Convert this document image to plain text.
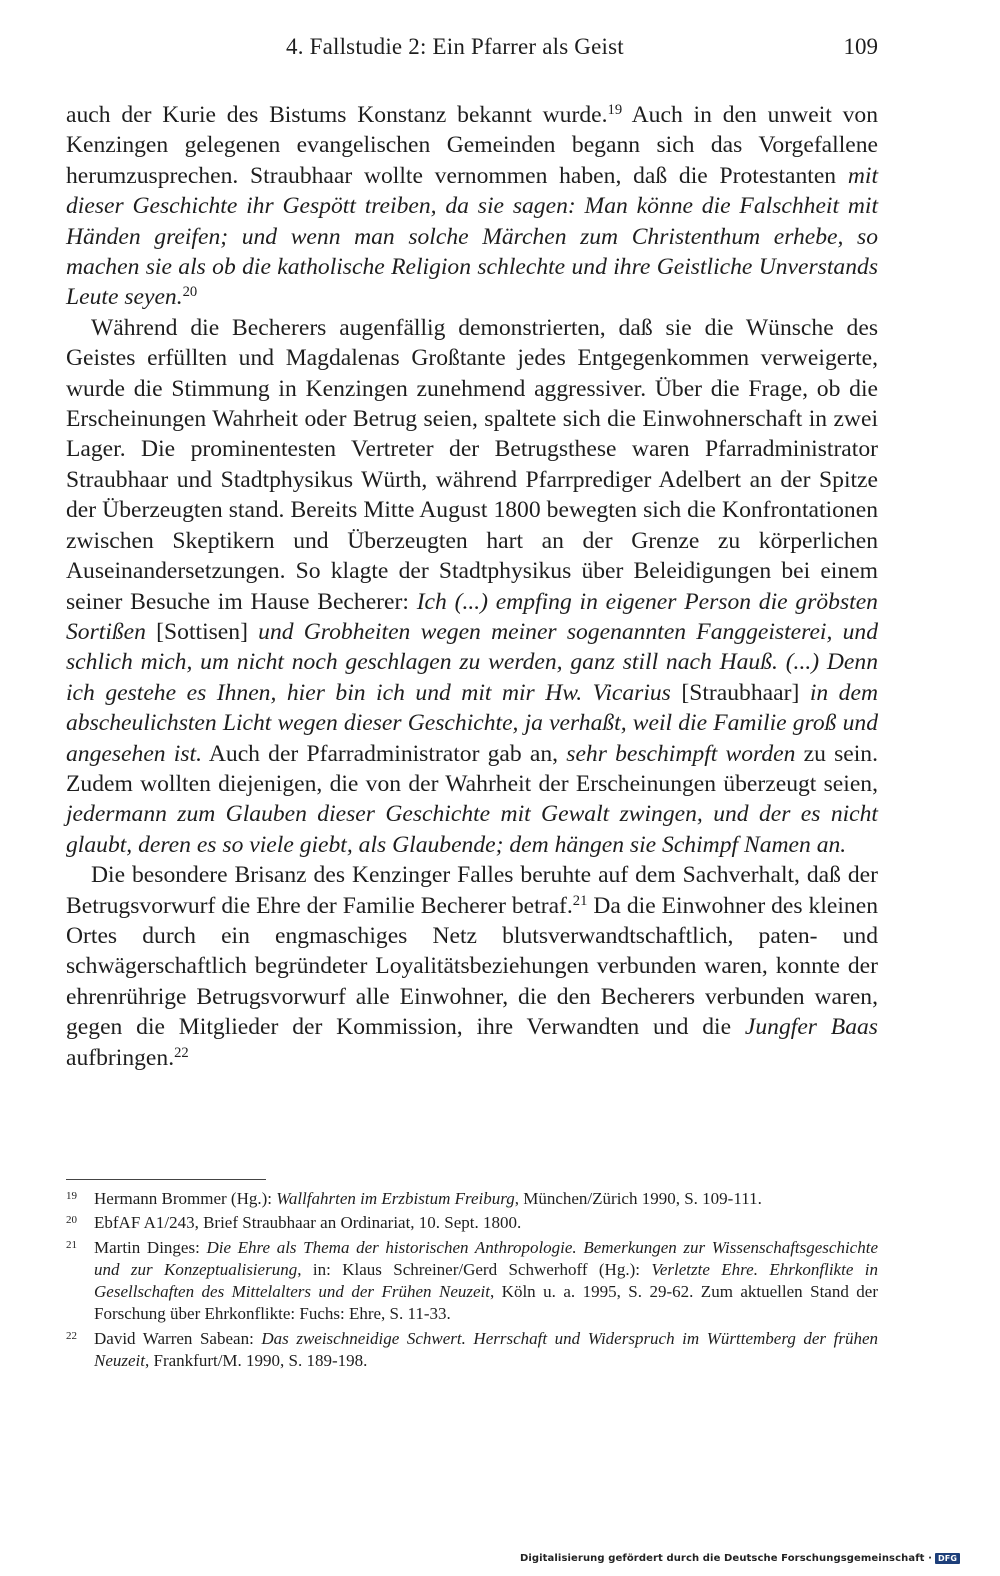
4. Fallstudie 2: Ein Pfarrer als Geist	109

auch der Kurie des Bistums Konstanz bekannt wurde.$^{19}$ Auch in den unweit von Kenzingen gelegenen evangelischen Gemeinden begann sich das Vorgefallene herumzusprechen. Straubhaar wollte vernommen haben, daß die Protestanten mit dieser Geschichte ihr Gespött treiben, da sie sagen: Man könne die Falschheit mit Händen greifen; und wenn man solche Märchen zum Christenthum erhebe, so machen sie als ob die katholische Religion schlechte und ihre Geistliche Unverstands Leute seyen.$^{20}$

Während die Becherers augenfällig demonstrierten, daß sie die Wünsche des Geistes erfüllten und Magdalenas Großtante jedes Entgegenkommen verweigerte, wurde die Stimmung in Kenzingen zunehmend aggressiver. Über die Frage, ob die Erscheinungen Wahrheit oder Betrug seien, spaltete sich die Einwohnerschaft in zwei Lager. Die prominentesten Vertreter der Betrugsthese waren Pfarradministrator Straubhaar und Stadtphysikus Würth, während Pfarrprediger Adelbert an der Spitze der Überzeugten stand. Bereits Mitte August 1800 bewegten sich die Konfrontationen zwischen Skeptikern und Überzeugten hart an der Grenze zu körperlichen Auseinandersetzungen. So klagte der Stadtphysikus über Beleidigungen bei einem seiner Besuche im Hause Becherer: Ich (...) empfing in eigener Person die gröbsten Sortißen [Sottisen] und Grobheiten wegen meiner sogenannten Fanggeisterei, und schlich mich, um nicht noch geschlagen zu werden, ganz still nach Hauß. (...) Denn ich gestehe es Ihnen, hier bin ich und mit mir Hw. Vicarius [Straubhaar] in dem abscheulichsten Licht wegen dieser Geschichte, ja verhaßt, weil die Familie groß und angesehen ist. Auch der Pfarradministrator gab an, sehr beschimpft worden zu sein. Zudem wollten diejenigen, die von der Wahrheit der Erscheinungen überzeugt seien, jedermann zum Glauben dieser Geschichte mit Gewalt zwingen, und der es nicht glaubt, deren es so viele giebt, als Glaubende; dem hängen sie Schimpf Namen an.

Die besondere Brisanz des Kenzinger Falles beruhte auf dem Sachverhalt, daß der Betrugsvorwurf die Ehre der Familie Becherer betraf.$^{21}$ Da die Einwohner des kleinen Ortes durch ein engmaschiges Netz blutsverwandtschaftlich, paten- und schwägerschaftlich begründeter Loyalitätsbeziehungen verbunden waren, konnte der ehrenrührige Betrugsvorwurf alle Einwohner, die den Becherers verbunden waren, gegen die Mitglieder der Kommission, ihre Verwandten und die Jungfer Baas aufbringen.$^{22}$

19 Hermann Brommer (Hg.): Wallfahrten im Erzbistum Freiburg, München/Zürich 1990, S. 109-111.
20 EbfAF A1/243, Brief Straubhaar an Ordinariat, 10. Sept. 1800.
21 Martin Dinges: Die Ehre als Thema der historischen Anthropologie. Bemerkungen zur Wissenschaftsgeschichte und zur Konzeptualisierung, in: Klaus Schreiner/Gerd Schwerhoff (Hg.): Verletzte Ehre. Ehrkonflikte in Gesellschaften des Mittelalters und der Frühen Neuzeit, Köln u. a. 1995, S. 29-62. Zum aktuellen Stand der Forschung über Ehrkonflikte: Fuchs: Ehre, S. 11-33.
22 David Warren Sabean: Das zweischneidige Schwert. Herrschaft und Widerspruch im Württemberg der frühen Neuzeit, Frankfurt/M. 1990, S. 189-198.
Digitalisierung gefördert durch die Deutsche Forschungsgemeinschaft · DFG
